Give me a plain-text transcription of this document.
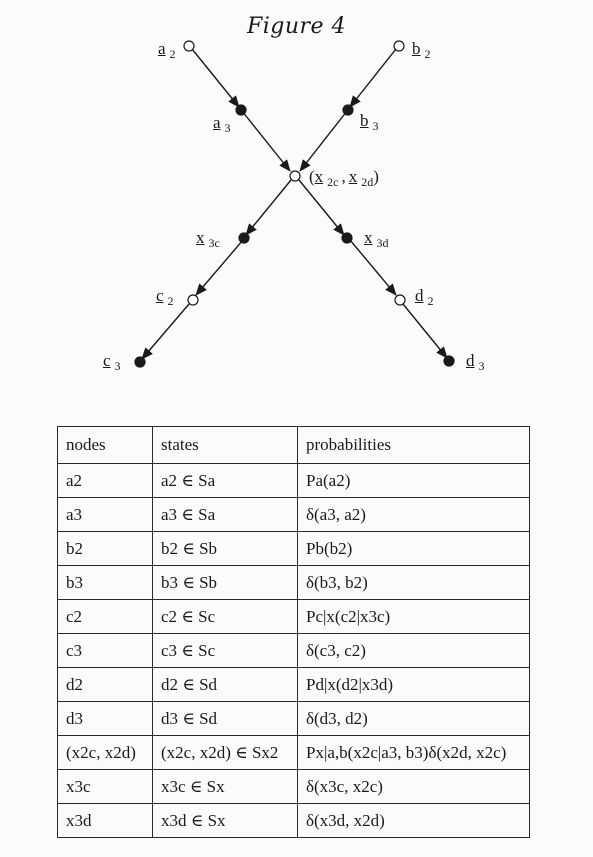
Figure 4
a $_2$	b $_2$
a $_3$	b $_3$
(x $_{2c}$ , x $_{2d}$)
x $_{3c}$	x $_{3d}$
c $_2$	d $_2$
c $_3$	d $_3$
nodes	states	probabilities
a2	a2 ∈ Sa	Pa(a2)
a3	a3 ∈ Sa	δ(a3, a2)
b2	b2 ∈ Sb	Pb(b2)
b3	b3 ∈ Sb	δ(b3, b2)
c2	c2 ∈ Sc	Pc|x(c2|x3c)
c3	c3 ∈ Sc	δ(c3, c2)
d2	d2 ∈ Sd	Pd|x(d2|x3d)
d3	d3 ∈ Sd	δ(d3, d2)
(x2c, x2d)	(x2c, x2d) ∈ Sx2	Px|a,b(x2c|a3, b3)δ(x2d, x2c)
x3c	x3c ∈ Sx	δ(x3c, x2c)
x3d	x3d ∈ Sx	δ(x3d, x2d)
